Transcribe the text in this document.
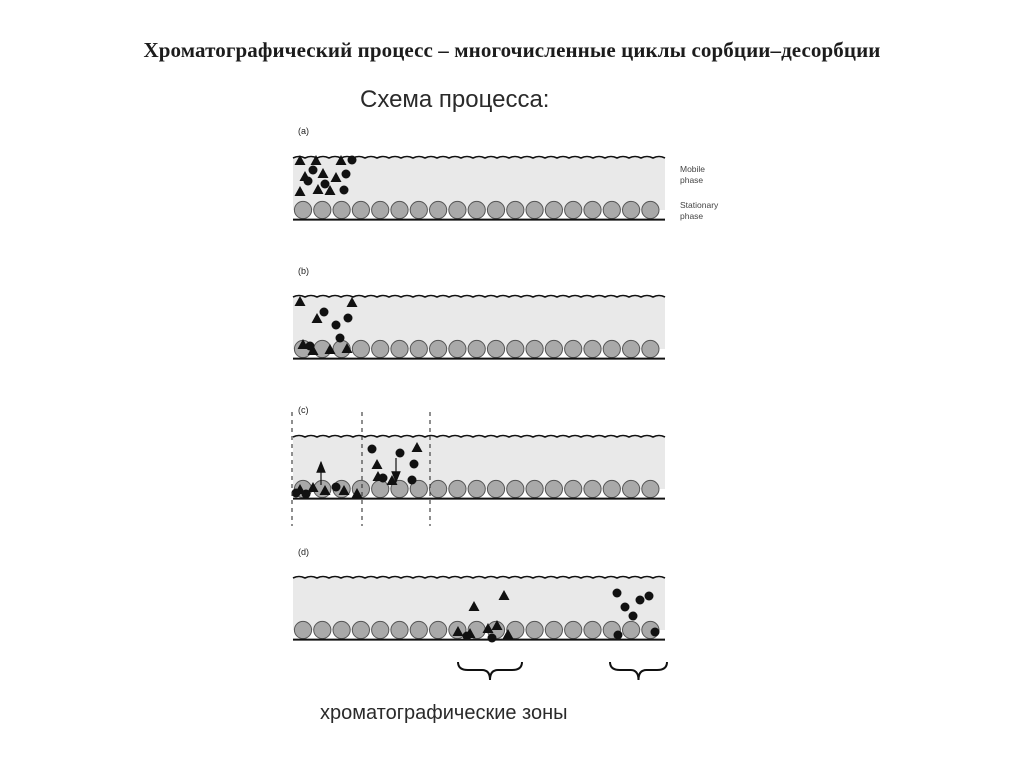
Хроматографический процесс – многочисленные циклы сорбции–десорбции
Схема процесса:
(a)
(b)
(c)
(d)
Mobile
phase
Stationary
phase
хроматографические зоны
